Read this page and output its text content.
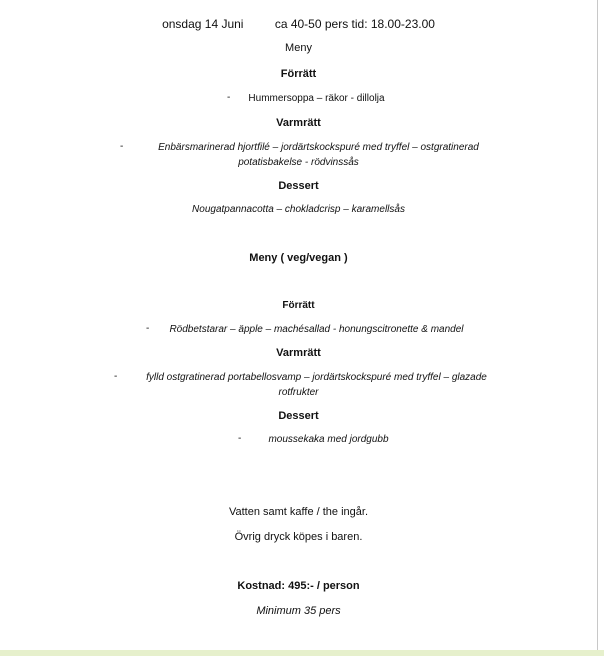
onsdag 14 Juni	ca 40-50 pers tid: 18.00-23.00
Meny
Förrätt
-	Hummersoppa – räkor - dillolja
Varmrätt
-	Enbärsmarinerad hjortfilé – jordärtskockspuré med tryffel – ostgratinerad
potatisbakelse - rödvinssås
Dessert
Nougatpannacotta – chokladcrisp – karamellsås
Meny ( veg/vegan )
Förrätt
-	Rödbetstarar – äpple – machésallad - honungscitronette & mandel
Varmrätt
-	fylld ostgratinerad portabellosvamp – jordärtskockspuré med tryffel – glazade
rotfrukter
Dessert
-	moussekaka med jordgubb
Vatten samt kaffe / the ingår.
Övrig dryck köpes i baren.
Kostnad: 495:- / person
Minimum 35 pers
